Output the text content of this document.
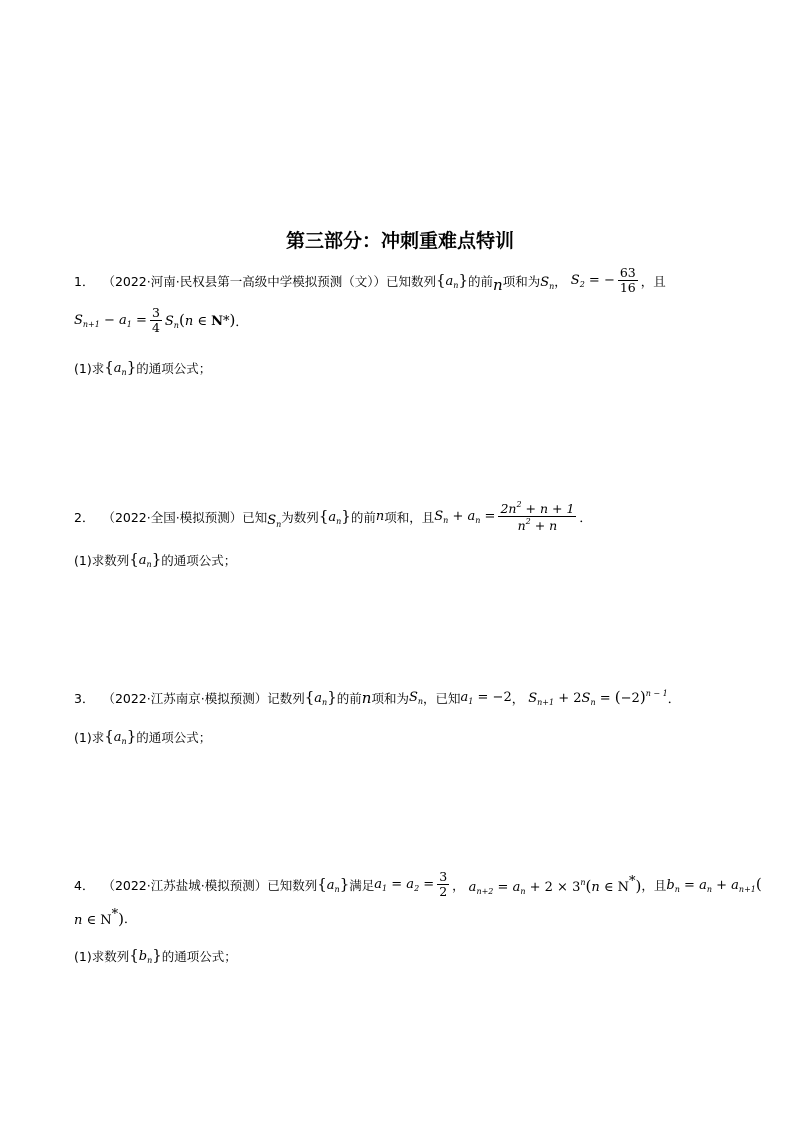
第三部分：冲刺重难点特训
1． （2022·河南·民权县第一高级中学模拟预测（文）） 已知数列 $\{a_n\}$ 的前 n 项和为 $S_n$ ， $S_2$ = − $\frac{63}{16}$ ，且
$S_{n+1} - a_1 = \frac{3}{4} S_n(n$ ∈ N*) ．
(1)求 $\{a_n\}$ 的通项公式；
2． （2022·全国·模拟预测） 已知 $S_n$ 为数列 $\{a_n\}$ 的前 n 项和，且 $S_n + a_n = \frac{2n^2 + n + 1}{n^2 + n}$ ．
(1)求数列 $\{a_n\}$ 的通项公式；
3． （2022·江苏南京·模拟预测） 记数列 $\{a_n\}$ 的前 n 项和为 $S_n$ ，已知 $a_1 = -2$ ， $S_{n+1} + 2S_n = (-2)^{n - 1}$ ．
(1)求 $\{a_n\}$ 的通项公式；
4． （2022·江苏盐城·模拟预测） 已知数列 $\{a_n\}$ 满足 $a_1 = a_2 = \frac{3}{2}$ ， $a_{n+2} = a_n + 2 \times 3^n(n$ ∈ N*) ，且 $b_n = a_n + a_{n+1}$(
n ∈ N*) ．
(1)求数列 $\{b_n\}$ 的通项公式；
